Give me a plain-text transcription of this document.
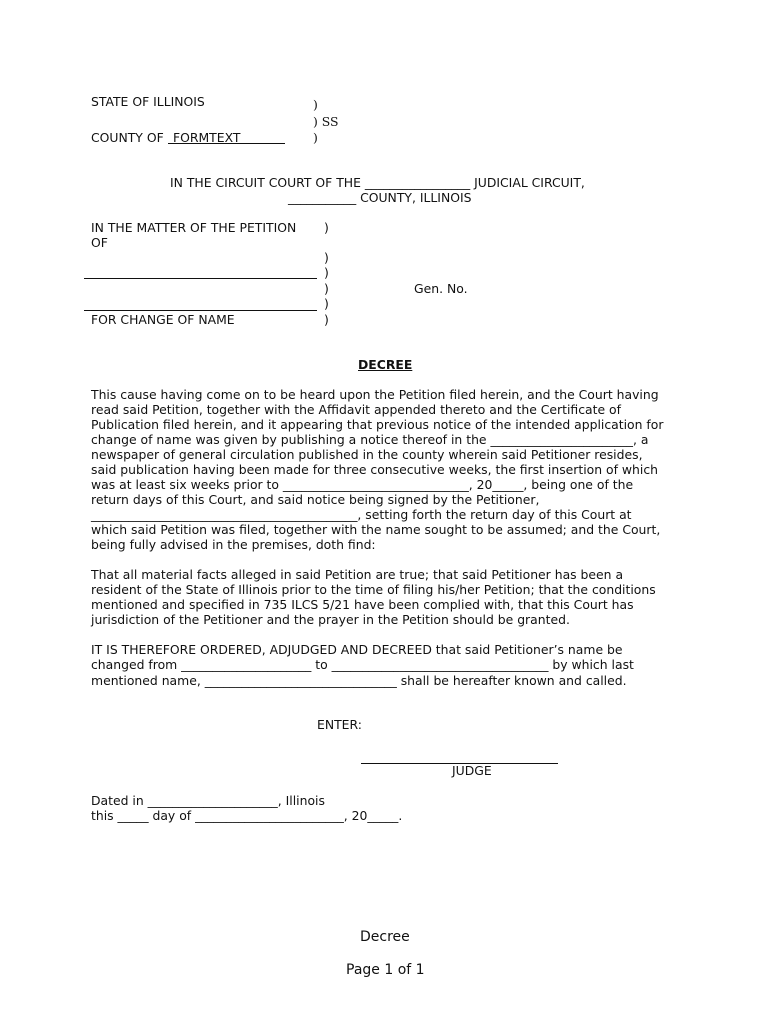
STATE OF ILLINOIS	)
) SS
COUNTY OF FORMTEXT	)
IN THE CIRCUIT COURT OF THE _________________ JUDICIAL CIRCUIT,
___________ COUNTY, ILLINOIS
IN THE MATTER OF THE PETITION
OF
FOR CHANGE OF NAME
)
)
)
)
)
)
Gen. No.
DECREE
This cause having come on to be heard upon the Petition filed herein, and the Court having
read said Petition, together with the Affidavit appended thereto and the Certificate of
Publication filed herein, and it appearing that previous notice of the intended application for
change of name was given by publishing a notice thereof in the _______________________, a
newspaper of general circulation published in the county wherein said Petitioner resides,
said publication having been made for three consecutive weeks, the first insertion of which
was at least six weeks prior to ______________________________, 20_____, being one of the
return days of this Court, and said notice being signed by the Petitioner,
___________________________________________, setting forth the return day of this Court at
which said Petition was filed, together with the name sought to be assumed; and the Court,
being fully advised in the premises, doth find:
That all material facts alleged in said Petition are true; that said Petitioner has been a
resident of the State of Illinois prior to the time of filing his/her Petition; that the conditions
mentioned and specified in 735 ILCS 5/21 have been complied with, that this Court has
jurisdiction of the Petitioner and the prayer in the Petition should be granted.
IT IS THEREFORE ORDERED, ADJUDGED AND DECREED that said Petitioner’s name be
changed from _____________________ to ___________________________________ by which last
mentioned name, _______________________________ shall be hereafter known and called.
ENTER:
JUDGE
Dated in _____________________, Illinois
this _____ day of ________________________, 20_____.
Decree
Page 1 of 1
